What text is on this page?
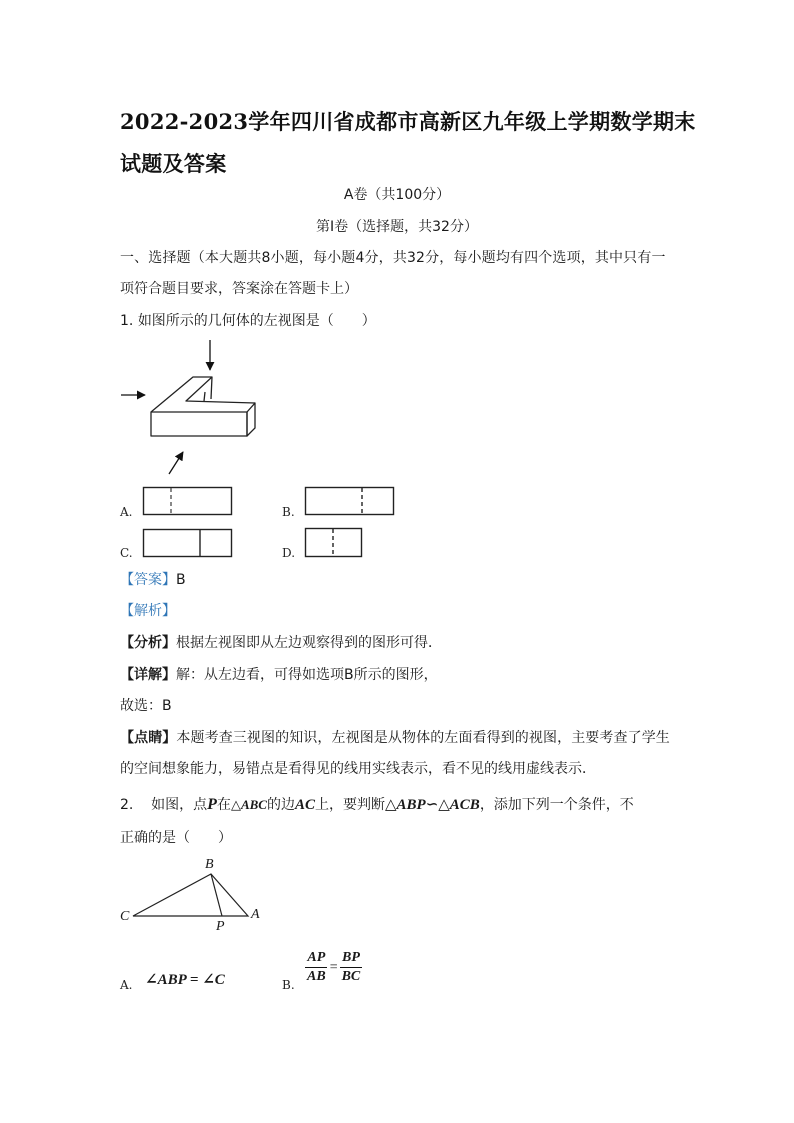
2022-2023学年四川省成都市高新区九年级上学期数学期末
试题及答案
A卷（共100分）
第Ⅰ卷（选择题，共32分）
一、选择题（本大题共8小题，每小题4分，共32分，每小题均有四个选项，其中只有一
项符合题目要求，答案涂在答题卡上）
1. 如图所示的几何体的左视图是（　　）
A.	B.
C.	D.
【答案】B
【解析】
【分析】根据左视图即从左边观察得到的图形可得．
【详解】解：从左边看，可得如选项B所示的图形，
故选：B
【点睛】本题考查三视图的知识，左视图是从物体的左面看得到的视图，主要考查了学生
的空间想象能力，易错点是看得见的线用实线表示，看不见的线用虚线表示．
2. 如图，点P在△ABC的边AC上，要判断△ABP∽△ACB，添加下列一个条件，不
正确的是（　　）
B
C	A
P
A. ∠ABP = ∠C	B. $\frac{AP}{AB} = \frac{BP}{BC}$
